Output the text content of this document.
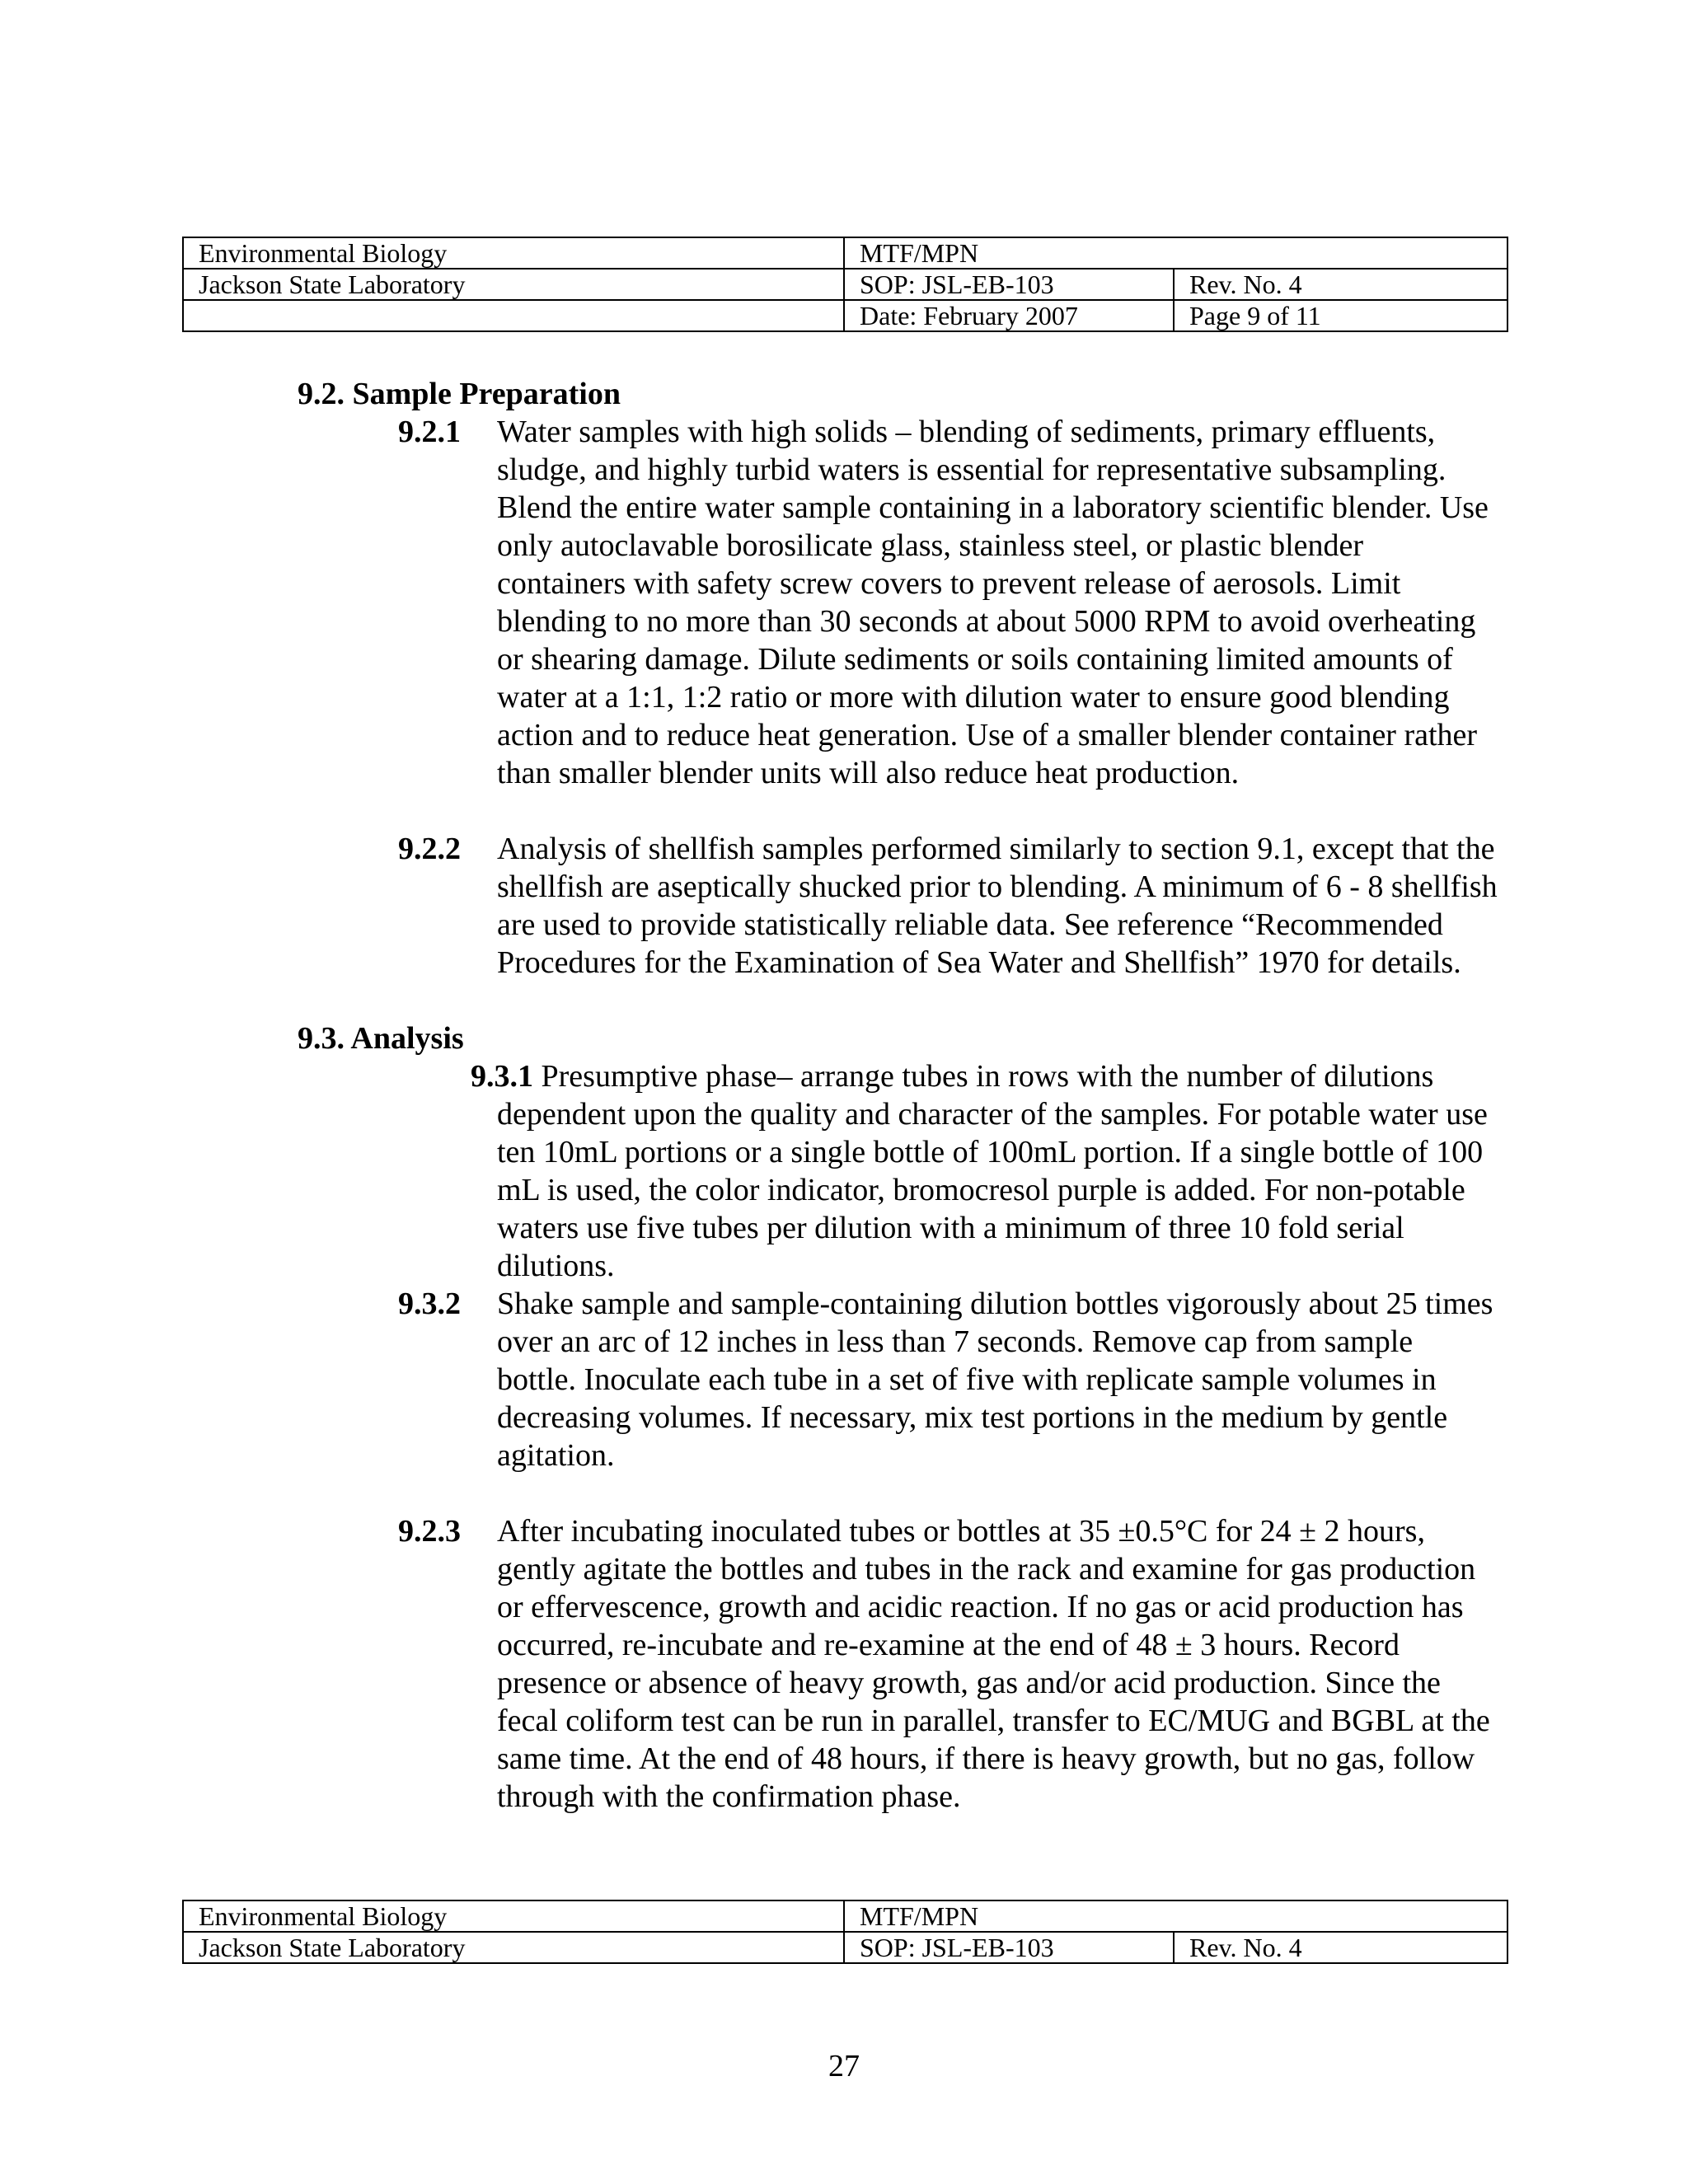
Environmental Biology	MTF/MPN	
Jackson State Laboratory	SOP: JSL-EB-103	Rev. No. 4
	Date: February 2007	Page 9 of 11
9.2. Sample Preparation
9.2.1 Water samples with high solids – blending of sediments, primary effluents, sludge, and highly turbid waters is essential for representative subsampling. Blend the entire water sample containing in a laboratory scientific blender. Use only autoclavable borosilicate glass, stainless steel, or plastic blender containers with safety screw covers to prevent release of aerosols. Limit blending to no more than 30 seconds at about 5000 RPM to avoid overheating or shearing damage. Dilute sediments or soils containing limited amounts of water at a 1:1, 1:2 ratio or more with dilution water to ensure good blending action and to reduce heat generation. Use of a smaller blender container rather than smaller blender units will also reduce heat production.
9.2.2 Analysis of shellfish samples performed similarly to section 9.1, except that the shellfish are aseptically shucked prior to blending. A minimum of 6 - 8 shellfish are used to provide statistically reliable data. See reference “Recommended Procedures for the Examination of Sea Water and Shellfish” 1970 for details.
9.3. Analysis
9.3.1 Presumptive phase– arrange tubes in rows with the number of dilutions dependent upon the quality and character of the samples. For potable water use ten 10mL portions or a single bottle of 100mL portion. If a single bottle of 100 mL is used, the color indicator, bromocresol purple is added. For non-potable waters use five tubes per dilution with a minimum of three 10 fold serial dilutions.
9.3.2 Shake sample and sample-containing dilution bottles vigorously about 25 times over an arc of 12 inches in less than 7 seconds. Remove cap from sample bottle. Inoculate each tube in a set of five with replicate sample volumes in decreasing volumes. If necessary, mix test portions in the medium by gentle agitation.
9.2.3 After incubating inoculated tubes or bottles at 35 ±0.5°C for 24 ± 2 hours, gently agitate the bottles and tubes in the rack and examine for gas production or effervescence, growth and acidic reaction. If no gas or acid production has occurred, re-incubate and re-examine at the end of 48 ± 3 hours. Record presence or absence of heavy growth, gas and/or acid production. Since the fecal coliform test can be run in parallel, transfer to EC/MUG and BGBL at the same time. At the end of 48 hours, if there is heavy growth, but no gas, follow through with the confirmation phase.
Environmental Biology	MTF/MPN	
Jackson State Laboratory	SOP: JSL-EB-103	Rev. No. 4
27
